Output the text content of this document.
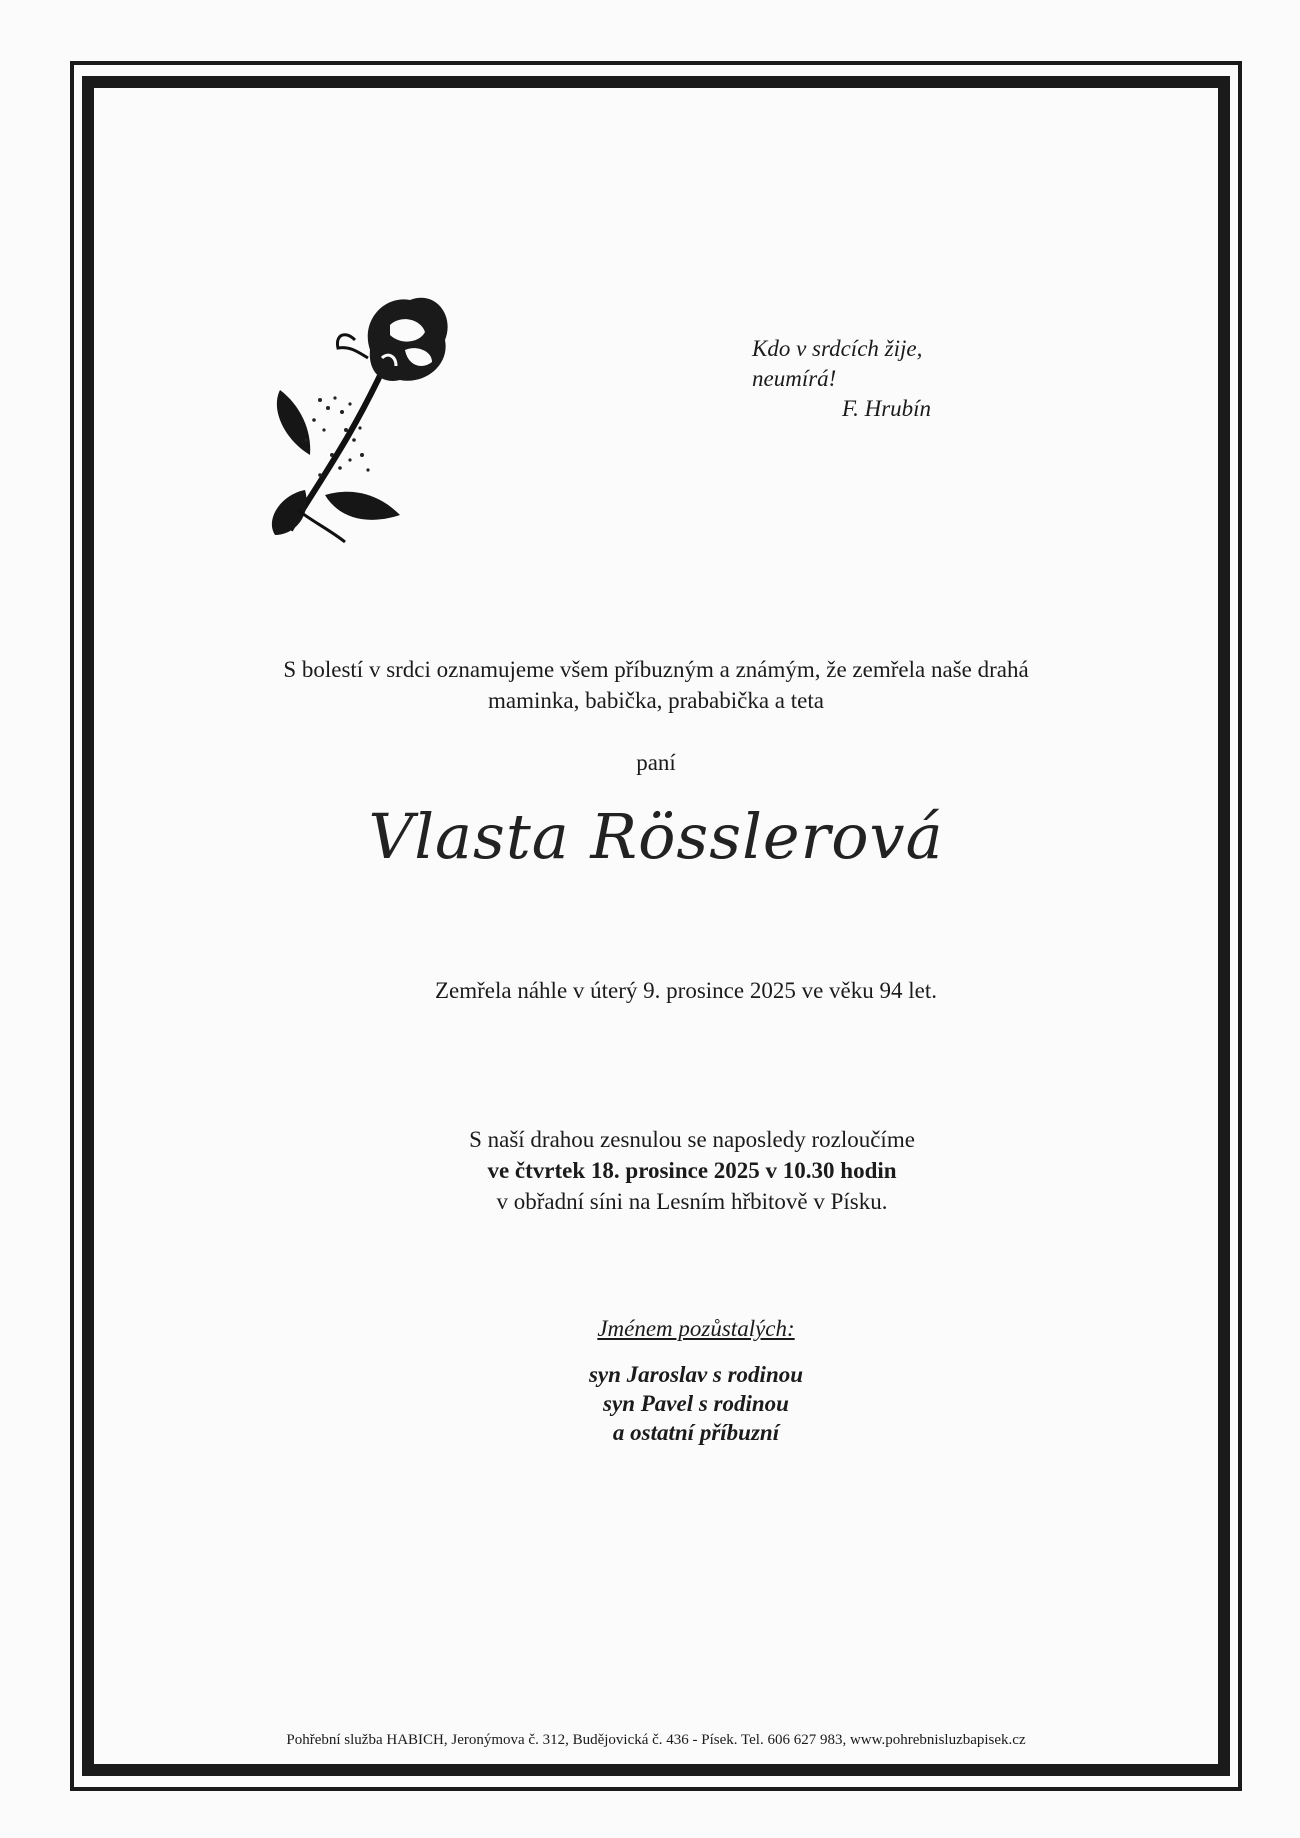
Kdo v srdcích žije,
neumírá!
F. Hrubín
S bolestí v srdci oznamujeme všem příbuzným a známým, že zemřela naše drahá
maminka, babička, prababička a teta
paní
Vlasta Rösslerová
Zemřela náhle v úterý 9. prosince 2025 ve věku 94 let.
S naší drahou zesnulou se naposledy rozloučíme
ve čtvrtek 18. prosince 2025 v 10.30 hodin
v obřadní síni na Lesním hřbitově v Písku.
Jménem pozůstalých:
syn Jaroslav s rodinou
syn Pavel s rodinou
a ostatní příbuzní
Pohřební služba HABICH, Jeronýmova č. 312, Budějovická č. 436 - Písek. Tel. 606 627 983, www.pohrebnisluzbapisek.cz
